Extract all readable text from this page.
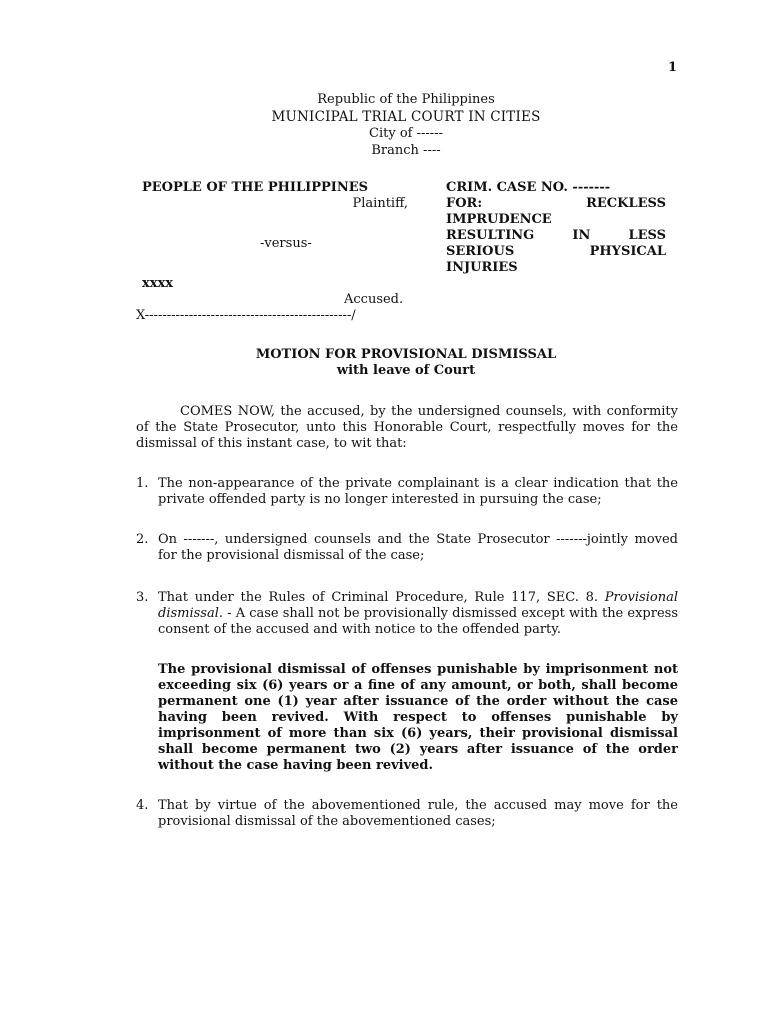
1
Republic of the Philippines
MUNICIPAL TRIAL COURT IN CITIES
City of ------
Branch ----
PEOPLE OF THE PHILIPPINES
Plaintiff,
-versus-
xxxx
Accused.
X-----------------------------------------------/
CRIM. CASE NO. -------
FOR:	RECKLESS
IMPRUDENCE
RESULTING IN LESS
SERIOUS PHYSICAL
INJURIES
MOTION FOR PROVISIONAL DISMISSAL
with leave of Court
COMES NOW, the accused, by the undersigned counsels, with conformity of the State Prosecutor, unto this Honorable Court, respectfully moves for the dismissal of this instant case, to wit that:
1. The non-appearance of the private complainant is a clear indication that the private offended party is no longer interested in pursuing the case;
2. On -------, undersigned counsels and the State Prosecutor -------jointly moved for the provisional dismissal of the case;
3. That under the Rules of Criminal Procedure, Rule 117, SEC. 8. Provisional dismissal. - A case shall not be provisionally dismissed except with the express consent of the accused and with notice to the offended party.
The provisional dismissal of offenses punishable by imprisonment not exceeding six (6) years or a fine of any amount, or both, shall become permanent one (1) year after issuance of the order without the case having been revived. With respect to offenses punishable by imprisonment of more than six (6) years, their provisional dismissal shall become permanent two (2) years after issuance of the order without the case having been revived.
4. That by virtue of the abovementioned rule, the accused may move for the provisional dismissal of the abovementioned cases;
